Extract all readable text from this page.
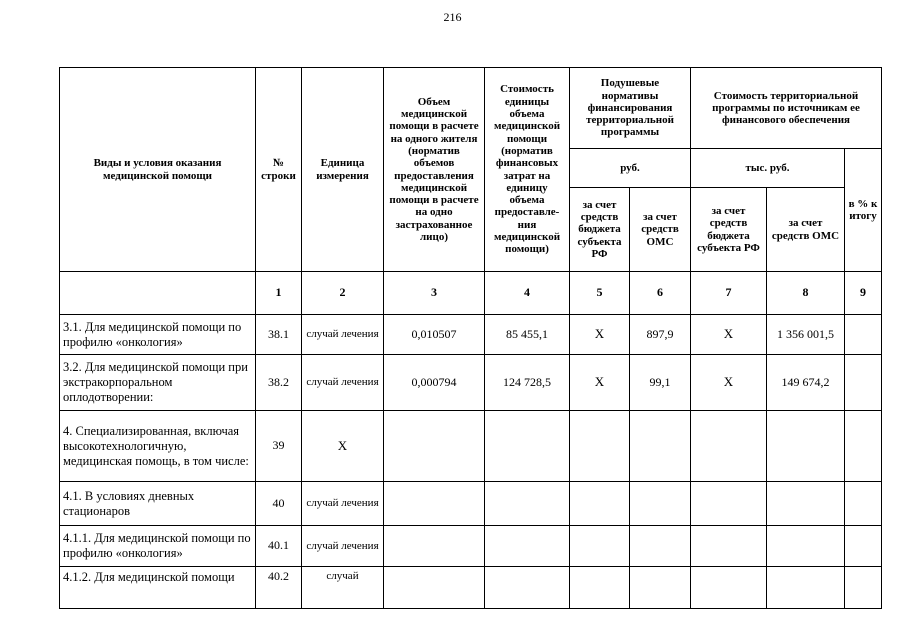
216
Виды и условия оказания медицинской помощи	№ строки	Единица измерения	Объем медицинской помощи в расчете на одного жителя (норматив объемов предоставления медицинской помощи в расчете на одно застрахованное лицо)	Стоимость единицы объема медицинской помощи (норматив финансовых затрат на единицу объема предоставле-ния медицинской помощи)	Подушевые нормативы финансирования территориальной программы		Стоимость территориальной программы по источникам ее финансового обеспечения		
					руб.		тыс. руб.		в % к итогу
					за счет средств бюджета субъекта РФ	за счет средств ОМС	за счет средств бюджета субъекта РФ	за счет средств ОМС	
	1	2	3	4	5	6	7	8	9
3.1. Для медицинской помощи по профилю «онкология»	38.1	случай лечения	0,010507	85 455,1	X	897,9	X	1 356 001,5	
3.2. Для медицинской помощи при экстракорпоральном оплодотворении:	38.2	случай лечения	0,000794	124 728,5	X	99,1	X	149 674,2	
4. Специализированная, включая высокотехнологичную, медицинская помощь, в том числе:	39	X							
4.1. В условиях дневных стационаров	40	случай лечения							
4.1.1. Для медицинской помощи по профилю «онкология»	40.1	случай лечения							
4.1.2. Для медицинской помощи	40.2	случай							
